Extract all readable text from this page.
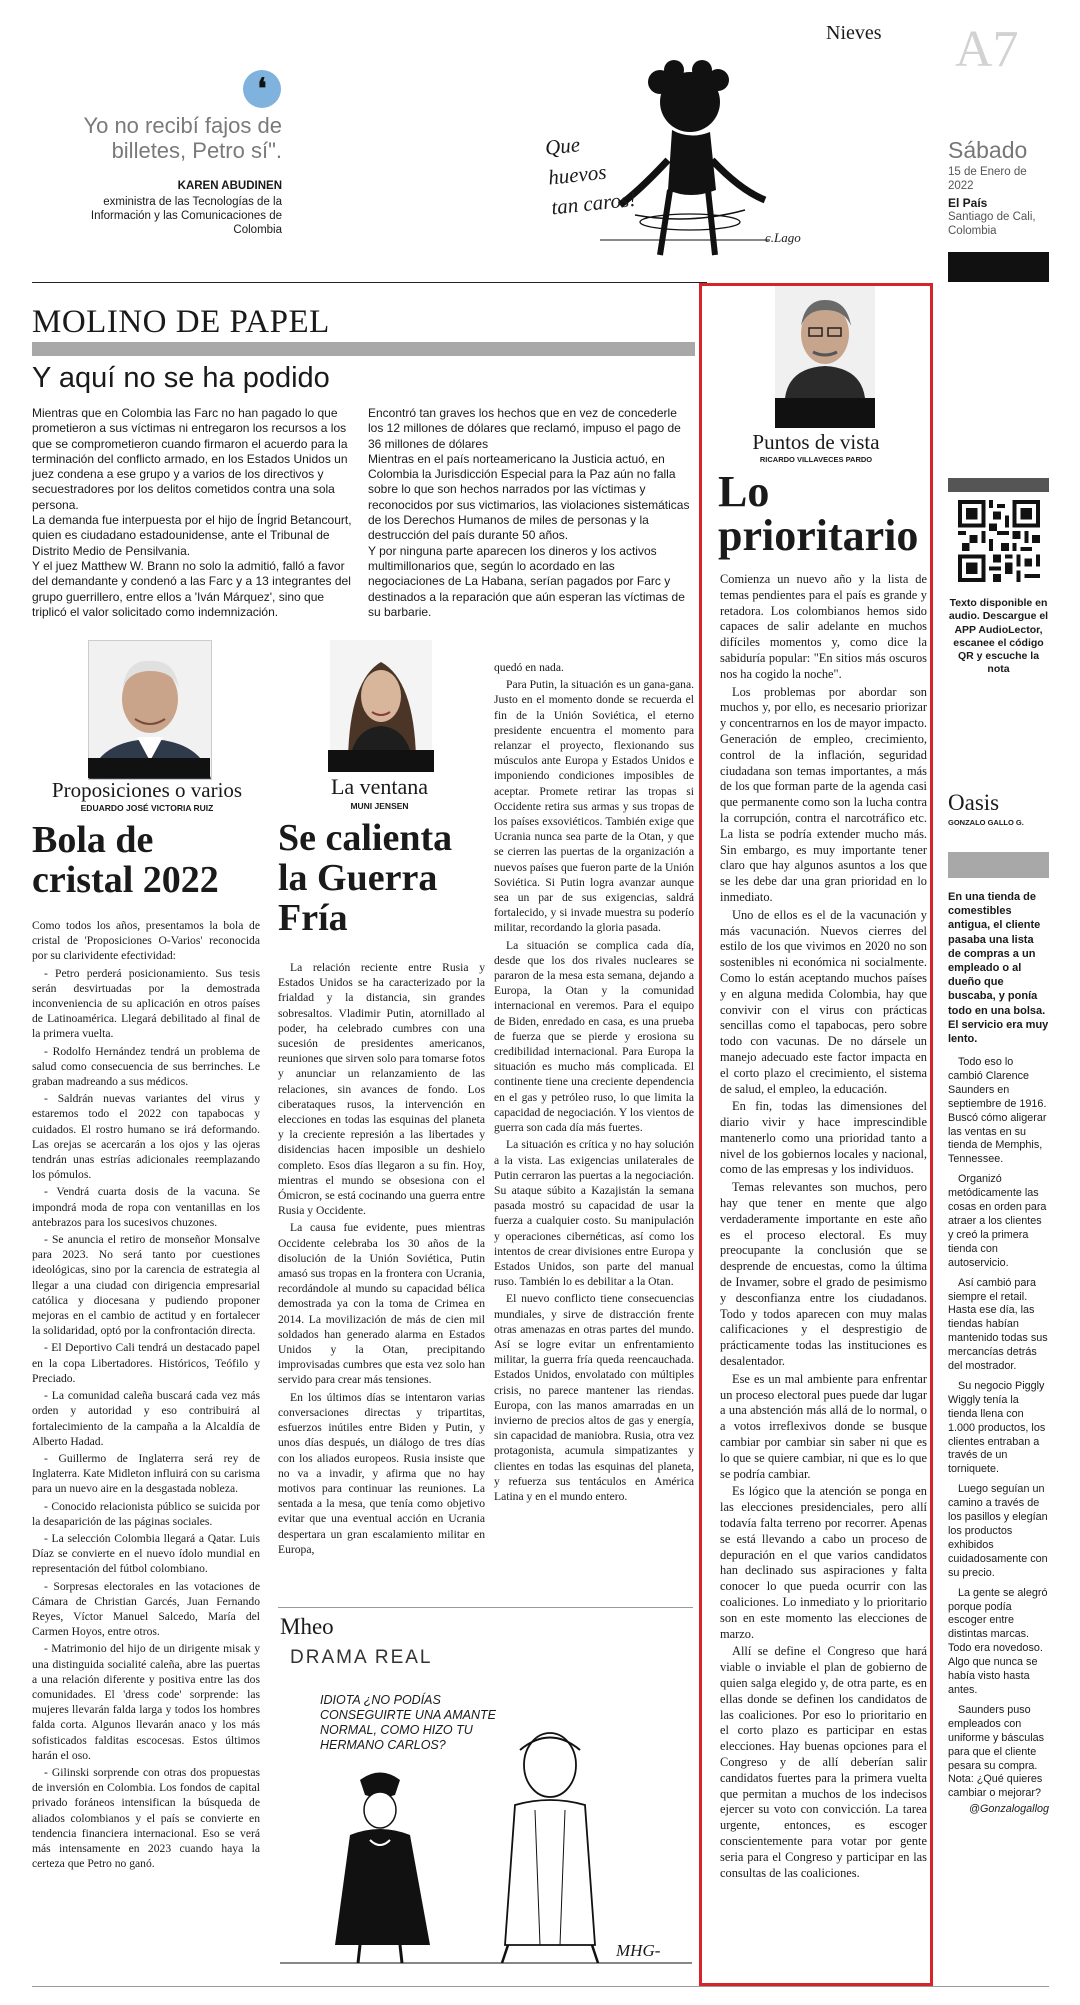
❛
Yo no recibí fajos de billetes, Petro sí".
KAREN ABUDINEN
exministra de las Tecnologías de la Información y las Comunicaciones de Colombia
Que huevos tan caros!
c.Lago
Nieves A7
Sábado
15 de Enero de 2022
El País
Santiago de Cali, Colombia
MOLINO DE PAPEL
Y aquí no se ha podido

Mientras que en Colombia las Farc no han pagado lo que prometieron a sus víctimas ni entregaron los recursos a los que se comprometieron cuando firmaron el acuerdo para la terminación del conflicto armado, en los Estados Unidos un juez condena a ese grupo y a varios de los directivos y secuestradores por los delitos cometidos contra una sola persona.

La demanda fue interpuesta por el hijo de Íngrid Betancourt, quien es ciudadano estadounidense, ante el Tribunal de Distrito Medio de Pensilvania.

Y el juez Matthew W. Brann no solo la admitió, falló a favor del demandante y condenó a las Farc y a 13 integrantes del grupo guerrillero, entre ellos a 'Iván Márquez', sino que triplicó el valor solicitado como indemnización.

Encontró tan graves los hechos que en vez de concederle los 12 millones de dólares que reclamó, impuso el pago de 36 millones de dólares

Mientras en el país norteamericano la Justicia actuó, en Colombia la Jurisdicción Especial para la Paz aún no falla sobre lo que son hechos narrados por las víctimas y reconocidos por sus victimarios, las violaciones sistemáticas de los Derechos Humanos de miles de personas y la destrucción del país durante 50 años.

Y por ninguna parte aparecen los dineros y los activos multimillonarios que, según lo acordado en las negociaciones de La Habana, serían pagados por Farc y destinados a la reparación que aún esperan las víctimas de su barbarie.

Proposiciones o varios
EDUARDO JOSÉ VICTORIA RUIZ
Bola de cristal 2022

Como todos los años, presentamos la bola de cristal de 'Proposiciones O-Varios' reconocida por su clarividente efectividad:

- Petro perderá posicionamiento. Sus tesis serán desvirtuadas por la demostrada inconveniencia de su aplicación en otros países de Latinoamérica. Llegará debilitado al final de la primera vuelta.

- Rodolfo Hernández tendrá un problema de salud como consecuencia de sus berrinches. Le graban madreando a sus médicos.

- Saldrán nuevas variantes del virus y estaremos todo el 2022 con tapabocas y cuidados. El rostro humano se irá deformando. Las orejas se acercarán a los ojos y las ojeras tendrán unas estrías adicionales reemplazando los pómulos.

- Vendrá cuarta dosis de la vacuna. Se impondrá moda de ropa con ventanillas en los antebrazos para los sucesivos chuzones.

- Se anuncia el retiro de monseñor Monsalve para 2023. No será tanto por cuestiones ideológicas, sino por la carencia de estrategia al llegar a una ciudad con dirigencia empresarial católica y diocesana y pudiendo proponer mejoras en el cambio de actitud y en fortalecer la solidaridad, optó por la confrontación directa.

- El Deportivo Cali tendrá un destacado papel en la copa Libertadores. Históricos, Teófilo y Preciado.

- La comunidad caleña buscará cada vez más orden y autoridad y eso contribuirá al fortalecimiento de la campaña a la Alcaldía de Alberto Hadad.

- Guillermo de Inglaterra será rey de Inglaterra. Kate Midleton influirá con su carisma para un nuevo aire en la desgastada nobleza.

- Conocido relacionista público se suicida por la desaparición de las páginas sociales.

- La selección Colombia llegará a Qatar. Luis Díaz se convierte en el nuevo ídolo mundial en representación del fútbol colombiano.

- Sorpresas electorales en las votaciones de Cámara de Christian Garcés, Juan Fernando Reyes, Víctor Manuel Salcedo, María del Carmen Hoyos, entre otros.

- Matrimonio del hijo de un dirigente misak y una distinguida socialité caleña, abre las puertas a una relación diferente y positiva entre las dos comunidades. El 'dress code' sorprende: las mujeres llevarán falda larga y todos los hombres falda corta. Algunos llevarán anaco y los más sofisticados falditas escocesas. Estos últimos harán el oso.

- Gilinski sorprende con otras dos propuestas de inversión en Colombia. Los fondos de capital privado foráneos intensifican la búsqueda de aliados colombianos y el país se convierte en tendencia financiera internacional. Eso se verá más intensamente en 2023 cuando haya la certeza que Petro no ganó.

La ventana
MUNI JENSEN
Se calienta la Guerra Fría

La relación reciente entre Rusia y Estados Unidos se ha caracterizado por la frialdad y la distancia, sin grandes sobresaltos. Vladimir Putin, atornillado al poder, ha celebrado cumbres con una sucesión de presidentes americanos, reuniones que sirven solo para tomarse fotos y anunciar un relanzamiento de las relaciones, sin avances de fondo. Los ciberataques rusos, la intervención en elecciones en todas las esquinas del planeta y la creciente represión a las libertades y disidencias hacen imposible un deshielo completo. Esos días llegaron a su fin. Hoy, mientras el mundo se obsesiona con el Ómicron, se está cocinando una guerra entre Rusia y Occidente.

La causa fue evidente, pues mientras Occidente celebraba los 30 años de la disolución de la Unión Soviética, Putin amasó sus tropas en la frontera con Ucrania, recordándole al mundo su capacidad bélica demostrada ya con la toma de Crimea en 2014. La movilización de más de cien mil soldados han generado alarma en Estados Unidos y la Otan, precipitando improvisadas cumbres que esta vez solo han servido para crear más tensiones.

En los últimos días se intentaron varias conversaciones directas y tripartitas, esfuerzos inútiles entre Biden y Putin, y unos días después, un diálogo de tres días con los aliados europeos. Rusia insiste que no va a invadir, y afirma que no hay motivos para continuar las reuniones. La sentada a la mesa, que tenía como objetivo evitar que una eventual acción en Ucrania despertara un gran escalamiento militar en Europa,

quedó en nada.

Para Putin, la situación es un gana-gana. Justo en el momento donde se recuerda el fin de la Unión Soviética, el eterno presidente encuentra el momento para relanzar el proyecto, flexionando sus músculos ante Europa y Estados Unidos e imponiendo condiciones imposibles de aceptar. Promete retirar las tropas si Occidente retira sus armas y sus tropas de los países exsoviéticos. También exige que Ucrania nunca sea parte de la Otan, y que se cierren las puertas de la organización a nuevos países que fueron parte de la Unión Soviética. Si Putin logra avanzar aunque sea un par de sus exigencias, saldrá fortalecido, y si invade muestra su poderío militar, recordando la gloria pasada.

La situación se complica cada día, desde que los dos rivales nucleares se pararon de la mesa esta semana, dejando a Europa, la Otan y la comunidad internacional en veremos. Para el equipo de Biden, enredado en casa, es una prueba de fuerza que se pierde y erosiona su credibilidad internacional. Para Europa la situación es mucho más complicada. El continente tiene una creciente dependencia en el gas y petróleo ruso, lo que limita la capacidad de negociación. Y los vientos de guerra son cada día más fuertes.

La situación es crítica y no hay solución a la vista. Las exigencias unilaterales de Putin cerraron las puertas a la negociación. Su ataque súbito a Kazajistán la semana pasada mostró su capacidad de usar la fuerza a cualquier costo. Su manipulación y operaciones cibernéticas, así como los intentos de crear divisiones entre Europa y Estados Unidos, son parte del manual ruso. También lo es debilitar a la Otan.

El nuevo conflicto tiene consecuencias mundiales, y sirve de distracción frente otras amenazas en otras partes del mundo. Así se logre evitar un enfrentamiento militar, la guerra fría queda reencauchada. Estados Unidos, envolatado con múltiples crisis, no parece mantener las riendas. Europa, con las manos amarradas en un invierno de precios altos de gas y energía, sin capacidad de maniobra. Rusia, otra vez protagonista, acumula simpatizantes y clientes en todas las esquinas del planeta, y refuerza sus tentáculos en América Latina y en el mundo entero.

Mheo
DRAMA REAL
IDIOTA ¿NO PODÍAS CONSEGUIRTE UNA AMANTE NORMAL, COMO HIZO TU HERMANO CARLOS?
MHG-
Puntos de vista
RICARDO VILLAVECES PARDO
Lo prioritario

Comienza un nuevo año y la lista de temas pendientes para el país es grande y retadora. Los colombianos hemos sido capaces de salir adelante en muchos difíciles momentos y, como dice la sabiduría popular: "En sitios más oscuros nos ha cogido la noche".

Los problemas por abordar son muchos y, por ello, es necesario priorizar y concentrarnos en los de mayor impacto. Generación de empleo, crecimiento, control de la inflación, seguridad ciudadana son temas importantes, a más de los que forman parte de la agenda casi que permanente como son la lucha contra la corrupción, contra el narcotráfico etc. La lista se podría extender mucho más. Sin embargo, es muy importante tener claro que hay algunos asuntos a los que se les debe dar una gran prioridad en lo inmediato.

Uno de ellos es el de la vacunación y más vacunación. Nuevos cierres del estilo de los que vivimos en 2020 no son sostenibles ni económica ni socialmente. Como lo están aceptando muchos países y en alguna medida Colombia, hay que convivir con el virus con prácticas sencillas como el tapabocas, pero sobre todo con vacunas. De no dársele un manejo adecuado este factor impacta en el corto plazo el crecimiento, el sistema de salud, el empleo, la educación.

En fin, todas las dimensiones del diario vivir y hace imprescindible mantenerlo como una prioridad tanto a nivel de los gobiernos locales y nacional, como de las empresas y los individuos.

Temas relevantes son muchos, pero hay que tener en mente que algo verdaderamente importante en este año es el proceso electoral. Es muy preocupante la conclusión que se desprende de encuestas, como la última de Invamer, sobre el grado de pesimismo y desconfianza entre los ciudadanos. Todo y todos aparecen con muy malas calificaciones y el desprestigio de prácticamente todas las instituciones es desalentador.

Ese es un mal ambiente para enfrentar un proceso electoral pues puede dar lugar a una abstención más allá de lo normal, o a votos irreflexivos donde se busque cambiar por cambiar sin saber ni que es lo que se quiere cambiar, ni que es lo que se podría cambiar.

Es lógico que la atención se ponga en las elecciones presidenciales, pero allí todavía falta terreno por recorrer. Apenas se está llevando a cabo un proceso de depuración en el que varios candidatos han declinado sus aspiraciones y falta conocer lo que pueda ocurrir con las coaliciones. Lo inmediato y lo prioritario son en este momento las elecciones de marzo.

Allí se define el Congreso que hará viable o inviable el plan de gobierno de quien salga elegido y, de otra parte, es en ellas donde se definen los candidatos de las coaliciones. Por eso lo prioritario en el corto plazo es participar en estas elecciones. Hay buenas opciones para el Congreso y de allí deberían salir candidatos fuertes para la primera vuelta que permitan a muchos de los indecisos ejercer su voto con convicción. La tarea urgente, entonces, es escoger conscientemente para votar por gente seria para el Congreso y participar en las consultas de las coaliciones.

Texto disponible en audio. Descargue el APP AudioLector, escanee el código QR y escuche la nota
Oasis
GONZALO GALLO G.
En una tienda de comestibles antigua, el cliente pasaba una lista de compras a un empleado o al dueño que buscaba, y ponía todo en una bolsa. El servicio era muy lento.

Todo eso lo cambió Clarence Saunders en septiembre de 1916. Buscó cómo aligerar las ventas en su tienda de Memphis, Tennessee.

Organizó metódicamente las cosas en orden para atraer a los clientes y creó la primera tienda con autoservicio.

Así cambió para siempre el retail. Hasta ese día, las tiendas habían mantenido todas sus mercancías detrás del mostrador.

Su negocio Piggly Wiggly tenía la tienda llena con 1.000 productos, los clientes entraban a través de un torniquete.

Luego seguían un camino a través de los pasillos y elegían los productos exhibidos cuidadosamente con su precio.

La gente se alegró porque podía escoger entre distintas marcas. Todo era novedoso. Algo que nunca se había visto hasta antes.

Saunders puso empleados con uniforme y básculas para que el cliente pesara su compra. Nota: ¿Qué quieres cambiar o mejorar?

@Gonzalogallog
